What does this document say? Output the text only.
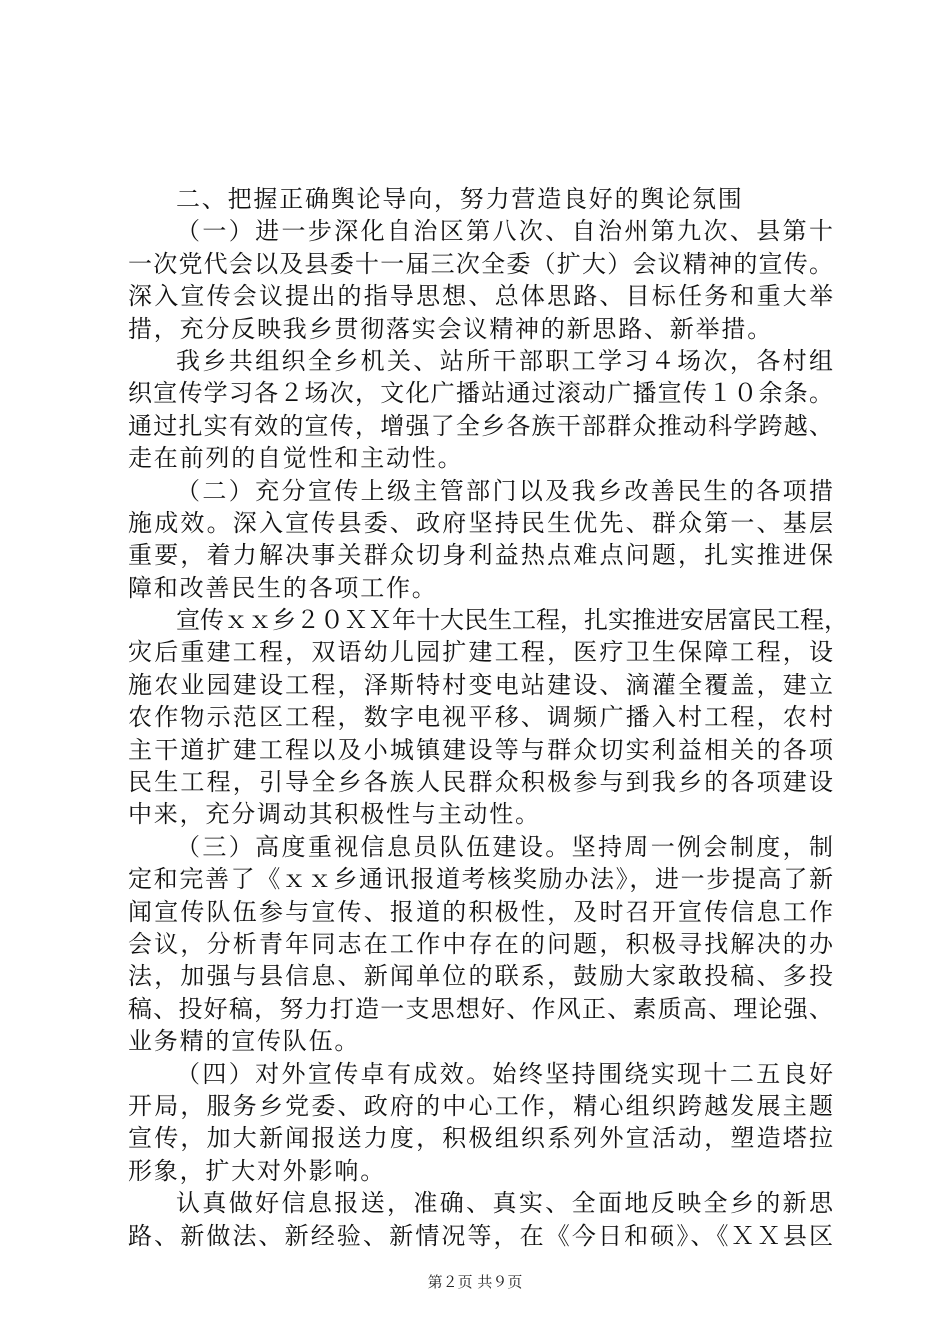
二、把握正确舆论导向，努力营造良好的舆论氛围
（一）进一步深化自治区第八次、自治州第九次、县第十
一次党代会以及县委十一届三次全委（扩大）会议精神的宣传。
深入宣传会议提出的指导思想、总体思路、目标任务和重大举
措，充分反映我乡贯彻落实会议精神的新思路、新举措。
我乡共组织全乡机关、站所干部职工学习４场次，各村组
织宣传学习各２场次，文化广播站通过滚动广播宣传１０余条。
通过扎实有效的宣传，增强了全乡各族干部群众推动科学跨越、
走在前列的自觉性和主动性。
（二）充分宣传上级主管部门以及我乡改善民生的各项措
施成效。深入宣传县委、政府坚持民生优先、群众第一、基层
重要，着力解决事关群众切身利益热点难点问题，扎实推进保
障和改善民生的各项工作。
宣传ｘｘ乡２０ＸＸ年十大民生工程，扎实推进安居富民工程，
灾后重建工程，双语幼儿园扩建工程，医疗卫生保障工程，设
施农业园建设工程，泽斯特村变电站建设、滴灌全覆盖，建立
农作物示范区工程，数字电视平移、调频广播入村工程，农村
主干道扩建工程以及小城镇建设等与群众切实利益相关的各项
民生工程，引导全乡各族人民群众积极参与到我乡的各项建设
中来，充分调动其积极性与主动性。
（三）高度重视信息员队伍建设。坚持周一例会制度，制
定和完善了《ｘｘ乡通讯报道考核奖励办法》，进一步提高了新
闻宣传队伍参与宣传、报道的积极性，及时召开宣传信息工作
会议，分析青年同志在工作中存在的问题，积极寻找解决的办
法，加强与县信息、新闻单位的联系，鼓励大家敢投稿、多投
稿、投好稿，努力打造一支思想好、作风正、素质高、理论强、
业务精的宣传队伍。
（四）对外宣传卓有成效。始终坚持围绕实现十二五良好
开局，服务乡党委、政府的中心工作，精心组织跨越发展主题
宣传，加大新闻报送力度，积极组织系列外宣活动，塑造塔拉
形象，扩大对外影响。
认真做好信息报送，准确、真实、全面地反映全乡的新思
路、新做法、新经验、新情况等，在《今日和硕》、《ＸＸ县区
第２页 共９页
